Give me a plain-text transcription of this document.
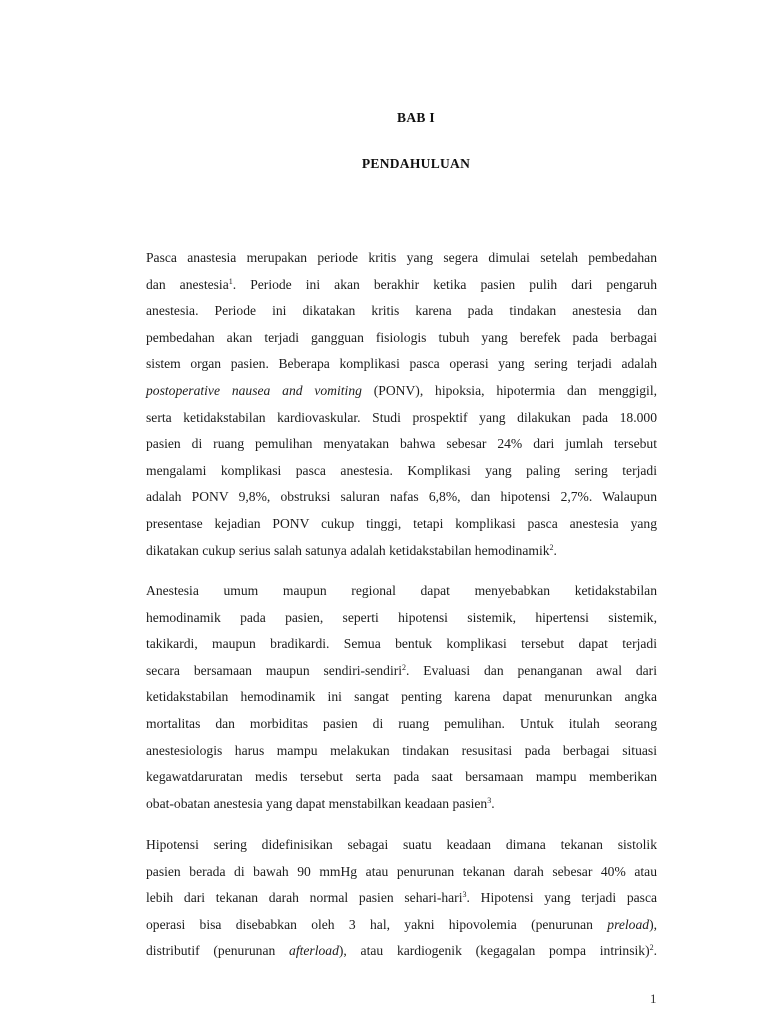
BAB I
PENDAHULUAN
Pasca anastesia merupakan periode kritis yang segera dimulai setelah pembedahan
dan anestesia$^1$. Periode ini akan berakhir ketika pasien pulih dari pengaruh
anestesia. Periode ini dikatakan kritis karena pada tindakan anestesia dan
pembedahan akan terjadi gangguan fisiologis tubuh yang berefek pada berbagai
sistem organ pasien. Beberapa komplikasi pasca operasi yang sering terjadi adalah
postoperative nausea and vomiting (PONV), hipoksia, hipotermia dan menggigil,
serta ketidakstabilan kardiovaskular. Studi prospektif yang dilakukan pada 18.000
pasien di ruang pemulihan menyatakan bahwa sebesar 24% dari jumlah tersebut
mengalami komplikasi pasca anestesia. Komplikasi yang paling sering terjadi
adalah PONV 9,8%, obstruksi saluran nafas 6,8%, dan hipotensi 2,7%. Walaupun
presentase kejadian PONV cukup tinggi, tetapi komplikasi pasca anestesia yang
dikatakan cukup serius salah satunya adalah ketidakstabilan hemodinamik$^2$.
Anestesia umum maupun regional dapat menyebabkan ketidakstabilan
hemodinamik pada pasien, seperti hipotensi sistemik, hipertensi sistemik,
takikardi, maupun bradikardi. Semua bentuk komplikasi tersebut dapat terjadi
secara bersamaan maupun sendiri-sendiri$^2$. Evaluasi dan penanganan awal dari
ketidakstabilan hemodinamik ini sangat penting karena dapat menurunkan angka
mortalitas dan morbiditas pasien di ruang pemulihan. Untuk itulah seorang
anestesiologis harus mampu melakukan tindakan resusitasi pada berbagai situasi
kegawatdaruratan medis tersebut serta pada saat bersamaan mampu memberikan
obat-obatan anestesia yang dapat menstabilkan keadaan pasien$^3$.
Hipotensi sering didefinisikan sebagai suatu keadaan dimana tekanan sistolik
pasien berada di bawah 90 mmHg atau penurunan tekanan darah sebesar 40% atau
lebih dari tekanan darah normal pasien sehari-hari$^3$. Hipotensi yang terjadi pasca
operasi bisa disebabkan oleh 3 hal, yakni hipovolemia (penurunan preload),
distributif (penurunan afterload), atau kardiogenik (kegagalan pompa intrinsik)$^2$.
1
